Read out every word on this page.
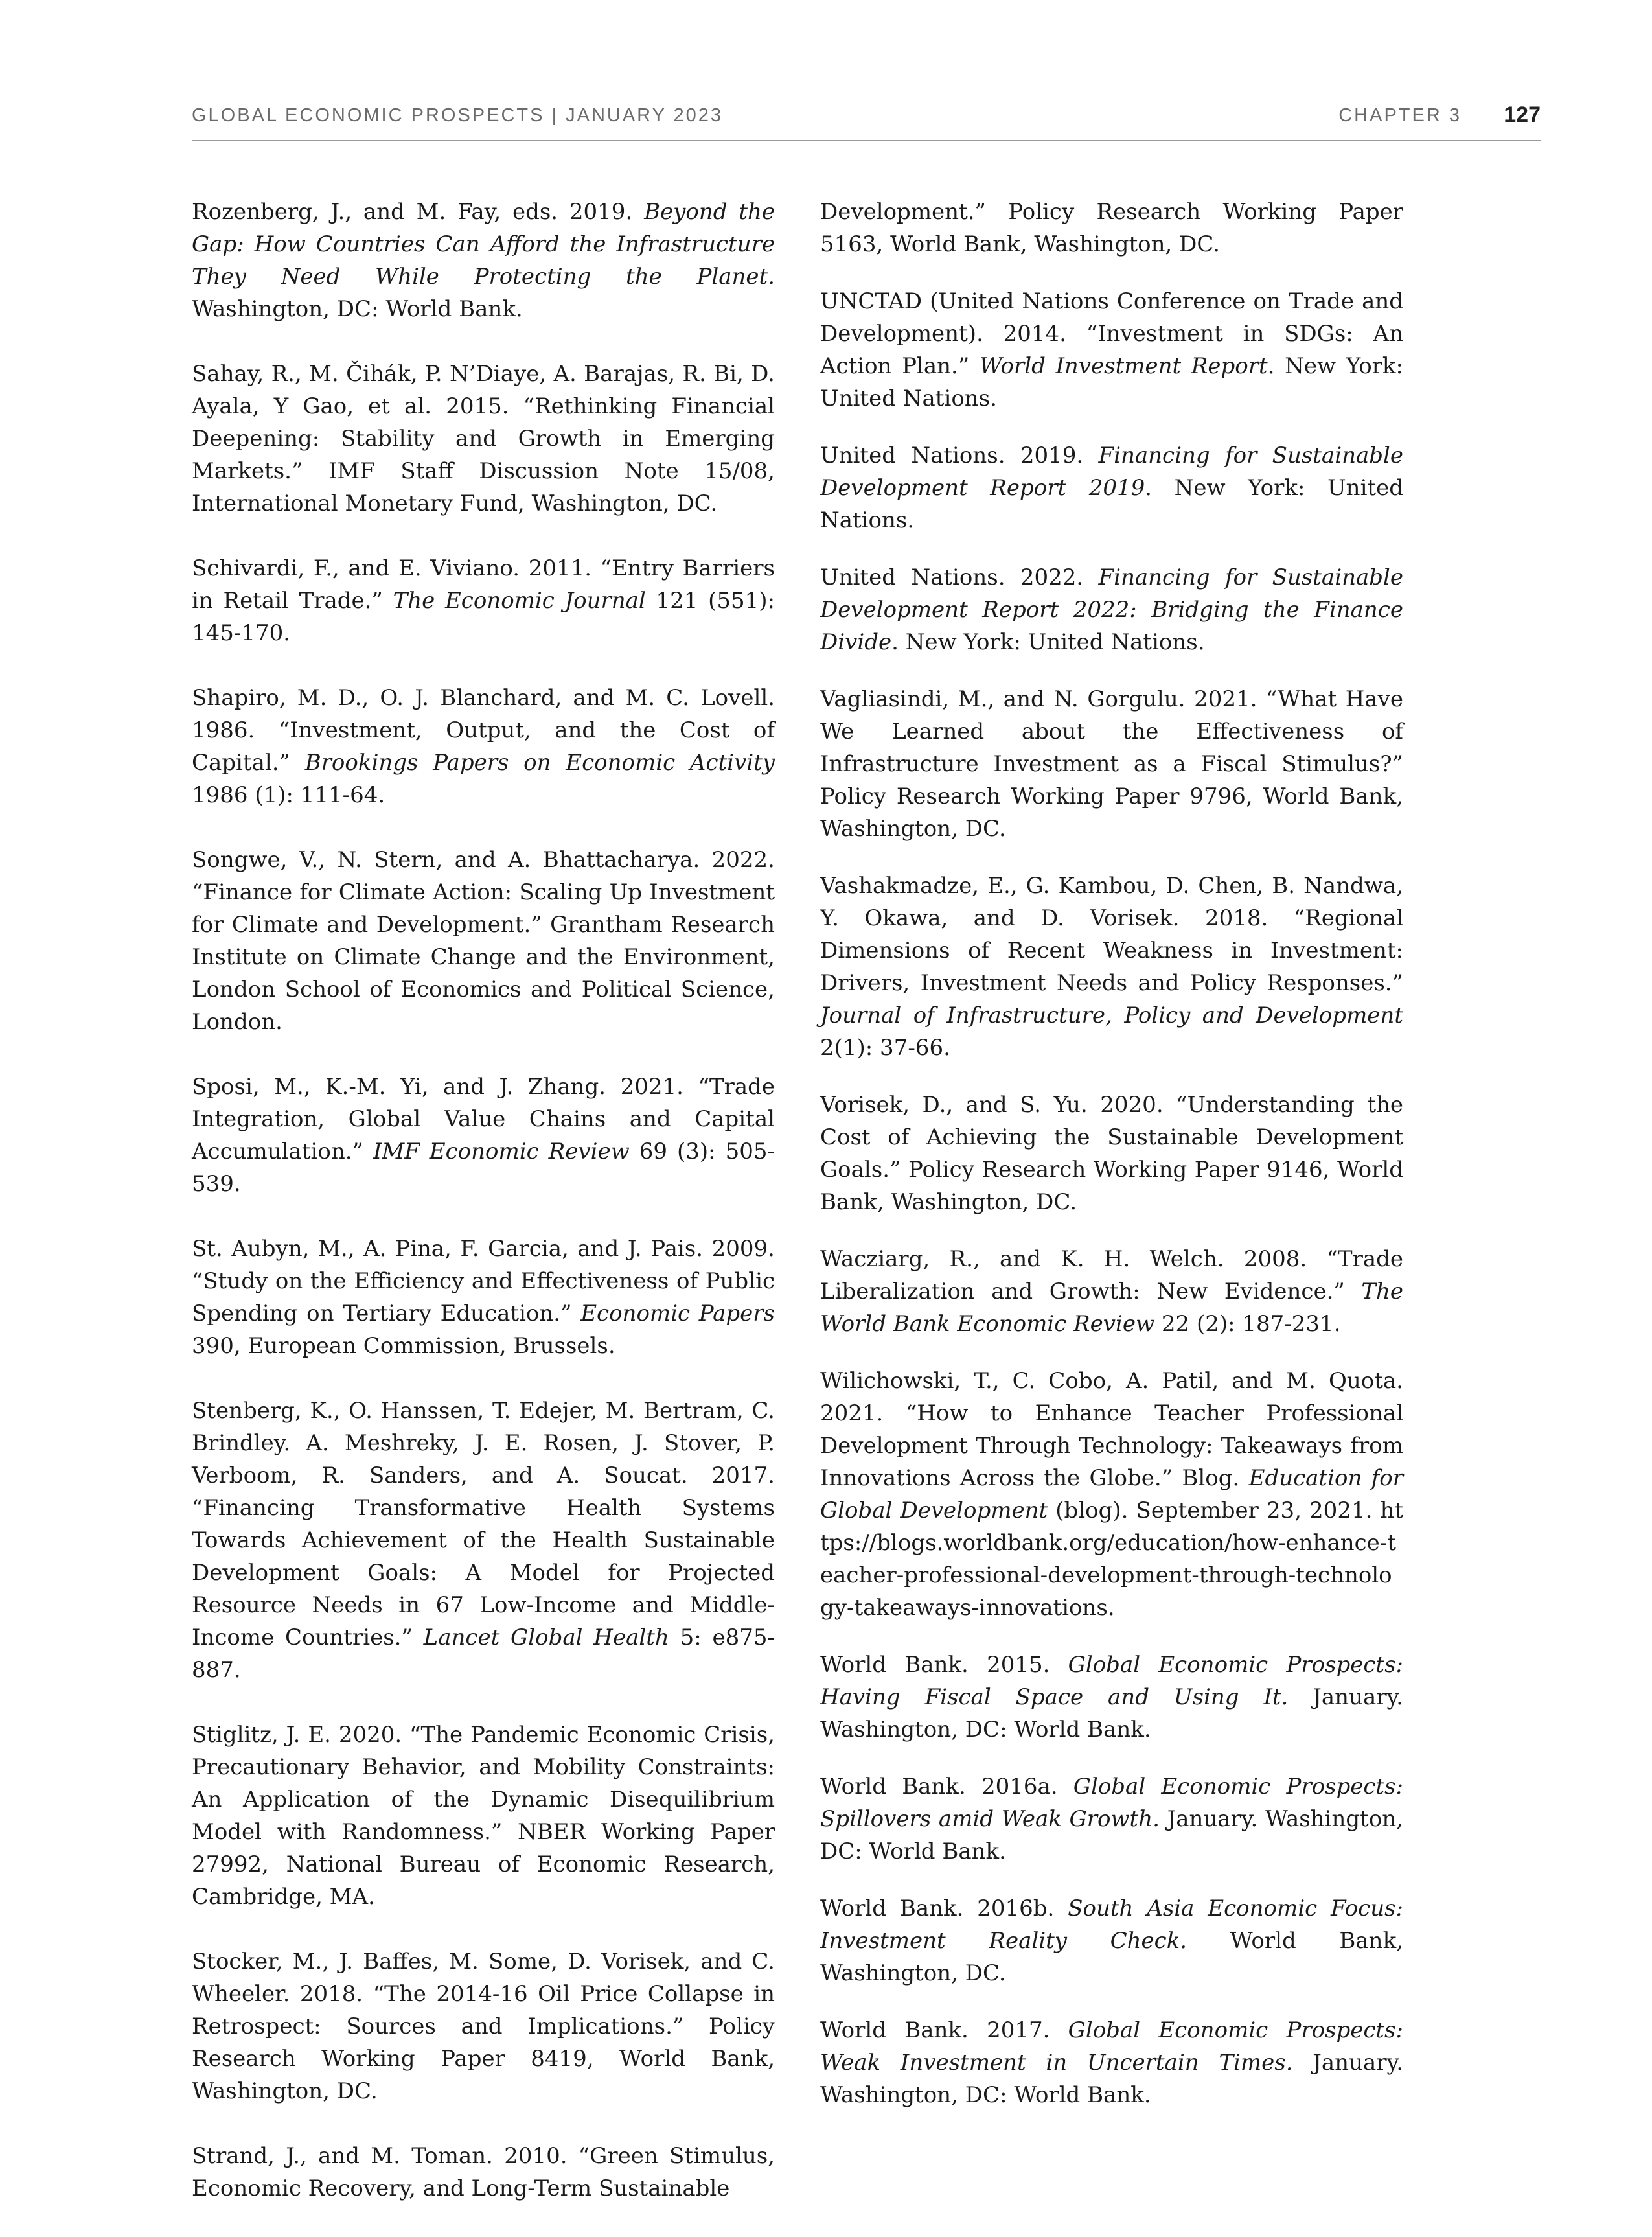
GLOBAL ECONOMIC PROSPECTS | JANUARY 2023	CHAPTER 3 127

Rozenberg, J., and M. Fay, eds. 2019. Beyond the Gap: How Countries Can Afford the Infrastructure They Need While Protecting the Planet. Washington, DC: World Bank.

Sahay, R., M. Čihák, P. N’Diaye, A. Barajas, R. Bi, D. Ayala, Y Gao, et al. 2015. “Rethinking Financial Deepening: Stability and Growth in Emerging Markets.” IMF Staff Discussion Note 15/08, International Monetary Fund, Washington, DC.

Schivardi, F., and E. Viviano. 2011. “Entry Barriers in Retail Trade.” The Economic Journal 121 (551): 145-170.

Shapiro, M. D., O. J. Blanchard, and M. C. Lovell. 1986. “Investment, Output, and the Cost of Capital.” Brookings Papers on Economic Activity 1986 (1): 111-64.

Songwe, V., N. Stern, and A. Bhattacharya. 2022. “Finance for Climate Action: Scaling Up Investment for Climate and Development.” Grantham Research Institute on Climate Change and the Environment, London School of Economics and Political Science, London.

Sposi, M., K.-M. Yi, and J. Zhang. 2021. “Trade Integration, Global Value Chains and Capital Accumulation.” IMF Economic Review 69 (3): 505-539.

St. Aubyn, M., A. Pina, F. Garcia, and J. Pais. 2009. “Study on the Efficiency and Effectiveness of Public Spending on Tertiary Education.” Economic Papers 390, European Commission, Brussels.

Stenberg, K., O. Hanssen, T. Edejer, M. Bertram, C. Brindley. A. Meshreky, J. E. Rosen, J. Stover, P. Verboom, R. Sanders, and A. Soucat. 2017. “Financing Transformative Health Systems Towards Achievement of the Health Sustainable Development Goals: A Model for Projected Resource Needs in 67 Low-Income and Middle-Income Countries.” Lancet Global Health 5: e875-887.

Stiglitz, J. E. 2020. “The Pandemic Economic Crisis, Precautionary Behavior, and Mobility Constraints: An Application of the Dynamic Disequilibrium Model with Randomness.” NBER Working Paper 27992, National Bureau of Economic Research, Cambridge, MA.

Stocker, M., J. Baffes, M. Some, D. Vorisek, and C. Wheeler. 2018. “The 2014-16 Oil Price Collapse in Retrospect: Sources and Implications.” Policy Research Working Paper 8419, World Bank, Washington, DC.

Strand, J., and M. Toman. 2010. “Green Stimulus, Economic Recovery, and Long-Term Sustainable

Development.” Policy Research Working Paper 5163, World Bank, Washington, DC.

UNCTAD (United Nations Conference on Trade and Development). 2014. “Investment in SDGs: An Action Plan.” World Investment Report. New York: United Nations.

United Nations. 2019. Financing for Sustainable Development Report 2019. New York: United Nations.

United Nations. 2022. Financing for Sustainable Development Report 2022: Bridging the Finance Divide. New York: United Nations.

Vagliasindi, M., and N. Gorgulu. 2021. “What Have We Learned about the Effectiveness of Infrastructure Investment as a Fiscal Stimulus?” Policy Research Working Paper 9796, World Bank, Washington, DC.

Vashakmadze, E., G. Kambou, D. Chen, B. Nandwa, Y. Okawa, and D. Vorisek. 2018. “Regional Dimensions of Recent Weakness in Investment: Drivers, Investment Needs and Policy Responses.” Journal of Infrastructure, Policy and Development 2(1): 37-66.

Vorisek, D., and S. Yu. 2020. “Understanding the Cost of Achieving the Sustainable Development Goals.” Policy Research Working Paper 9146, World Bank, Washington, DC.

Wacziarg, R., and K. H. Welch. 2008. “Trade Liberalization and Growth: New Evidence.” The World Bank Economic Review 22 (2): 187-231.

Wilichowski, T., C. Cobo, A. Patil, and M. Quota. 2021. “How to Enhance Teacher Professional Development Through Technology: Takeaways from Innovations Across the Globe.” Blog. Education for Global Development (blog). September 23, 2021. https://blogs.worldbank.org/education/how-enhance-teacher-professional-development-through-technology-takeaways-innovations.

World Bank. 2015. Global Economic Prospects: Having Fiscal Space and Using It. January. Washington, DC: World Bank.

World Bank. 2016a. Global Economic Prospects: Spillovers amid Weak Growth. January. Washington, DC: World Bank.

World Bank. 2016b. South Asia Economic Focus: Investment Reality Check. World Bank, Washington, DC.

World Bank. 2017. Global Economic Prospects: Weak Investment in Uncertain Times. January. Washington, DC: World Bank.
